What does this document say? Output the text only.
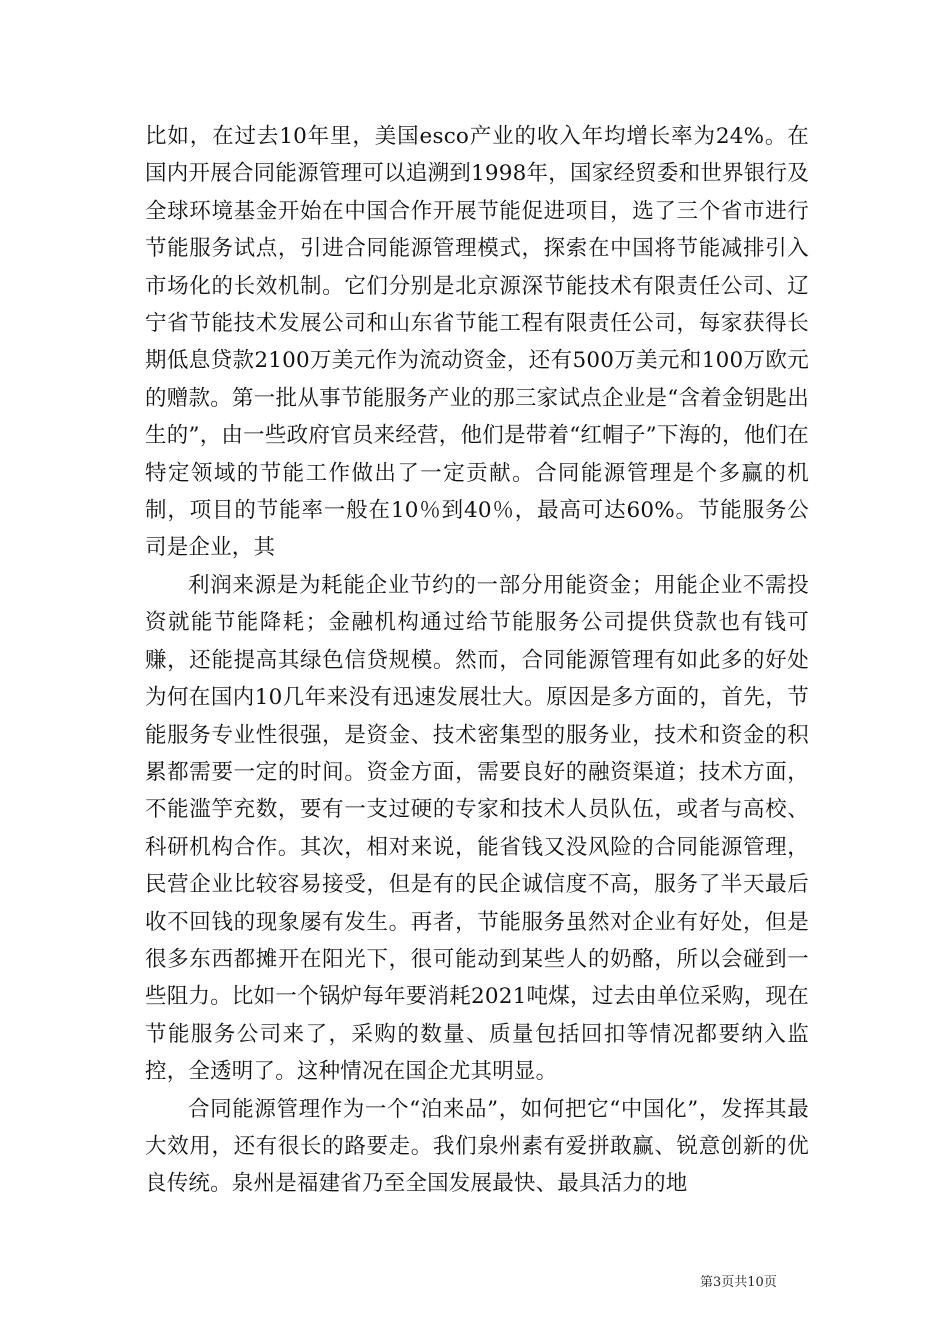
比如，在过去10年里，美国esco产业的收入年均增长率为24%。在国内开展合同能源管理可以追溯到1998年，国家经贸委和世界银行及全球环境基金开始在中国合作开展节能促进项目，选了三个省市进行节能服务试点，引进合同能源管理模式，探索在中国将节能减排引入市场化的长效机制。它们分别是北京源深节能技术有限责任公司、辽宁省节能技术发展公司和山东省节能工程有限责任公司，每家获得长期低息贷款2100万美元作为流动资金，还有500万美元和100万欧元的赠款。第一批从事节能服务产业的那三家试点企业是“含着金钥匙出生的”，由一些政府官员来经营，他们是带着“红帽子”下海的，他们在特定领域的节能工作做出了一定贡献。合同能源管理是个多赢的机制，项目的节能率一般在10％到40％，最高可达60%。节能服务公司是企业，其

利润来源是为耗能企业节约的一部分用能资金；用能企业不需投资就能节能降耗；金融机构通过给节能服务公司提供贷款也有钱可赚，还能提高其绿色信贷规模。然而，合同能源管理有如此多的好处为何在国内10几年来没有迅速发展壮大。原因是多方面的，首先，节能服务专业性很强，是资金、技术密集型的服务业，技术和资金的积累都需要一定的时间。资金方面，需要良好的融资渠道；技术方面，不能滥竽充数，要有一支过硬的专家和技术人员队伍，或者与高校、科研机构合作。其次，相对来说，能省钱又没风险的合同能源管理，民营企业比较容易接受，但是有的民企诚信度不高，服务了半天最后收不回钱的现象屡有发生。再者，节能服务虽然对企业有好处，但是很多东西都摊开在阳光下，很可能动到某些人的奶酪，所以会碰到一些阻力。比如一个锅炉每年要消耗2021吨煤，过去由单位采购，现在节能服务公司来了，采购的数量、质量包括回扣等情况都要纳入监控，全透明了。这种情况在国企尤其明显。

合同能源管理作为一个“泊来品”，如何把它“中国化”，发挥其最大效用，还有很长的路要走。我们泉州素有爱拼敢赢、锐意创新的优良传统。泉州是福建省乃至全国发展最快、最具活力的地

第3页共10页
